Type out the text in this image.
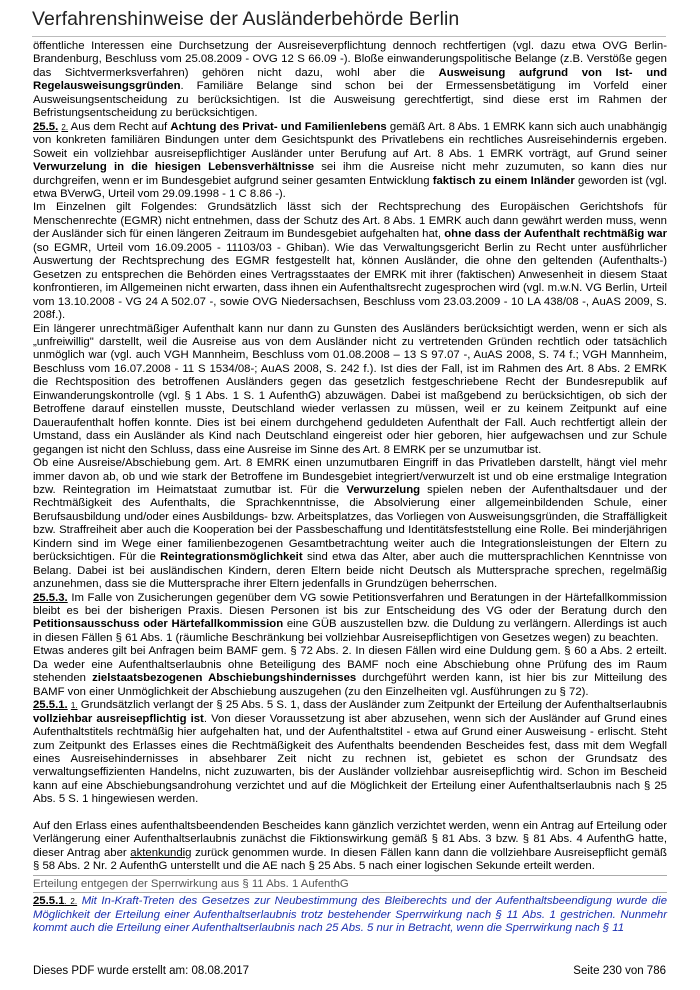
Verfahrenshinweise der Ausländerbehörde Berlin

öffentliche Interessen eine Durchsetzung der Ausreiseverpflichtung dennoch rechtfertigen (vgl. dazu etwa OVG Berlin-Brandenburg, Beschluss vom 25.08.2009 - OVG 12 S 66.09 -). Bloße einwanderungspolitische Belange (z.B. Verstöße gegen das Sichtvermerksverfahren) gehören nicht dazu, wohl aber die Ausweisung aufgrund von Ist- und Regelausweisungsgründen. Familiäre Belange sind schon bei der Ermessensbetätigung im Vorfeld einer Ausweisungsentscheidung zu berücksichtigen. Ist die Ausweisung gerechtfertigt, sind diese erst im Rahmen der Befristungsentscheidung zu berücksichtigen.

25.5. 2. Aus dem Recht auf Achtung des Privat- und Familienlebens gemäß Art. 8 Abs. 1 EMRK kann sich auch unabhängig von konkreten familiären Bindungen unter dem Gesichtspunkt des Privatlebens ein rechtliches Ausreisehindernis ergeben. Soweit ein vollziehbar ausreisepflichtiger Ausländer unter Berufung auf Art. 8 Abs. 1 EMRK vorträgt, auf Grund seiner Verwurzelung in die hiesigen Lebensverhältnisse sei ihm die Ausreise nicht mehr zuzumuten, so kann dies nur durchgreifen, wenn er im Bundesgebiet aufgrund seiner gesamten Entwicklung faktisch zu einem Inländer geworden ist (vgl. etwa BVerwG, Urteil vom 29.09.1998 - 1 C 8.86 -).

Im Einzelnen gilt Folgendes: Grundsätzlich lässt sich der Rechtsprechung des Europäischen Gerichtshofs für Menschenrechte (EGMR) nicht entnehmen, dass der Schutz des Art. 8 Abs. 1 EMRK auch dann gewährt werden muss, wenn der Ausländer sich für einen längeren Zeitraum im Bundesgebiet aufgehalten hat, ohne dass der Aufenthalt rechtmäßig war (so EGMR, Urteil vom 16.09.2005 - 11103/03 - Ghiban). Wie das Verwaltungsgericht Berlin zu Recht unter ausführlicher Auswertung der Rechtsprechung des EGMR festgestellt hat, können Ausländer, die ohne den geltenden (Aufenthalts-) Gesetzen zu entsprechen die Behörden eines Vertragsstaates der EMRK mit ihrer (faktischen) Anwesenheit in diesem Staat konfrontieren, im Allgemeinen nicht erwarten, dass ihnen ein Aufenthaltsrecht zugesprochen wird (vgl. m.w.N. VG Berlin, Urteil vom 13.10.2008 - VG 24 A 502.07 -, sowie OVG Niedersachsen, Beschluss vom 23.03.2009 - 10 LA 438/08 -, AuAS 2009, S. 208f.).

Ein längerer unrechtmäßiger Aufenthalt kann nur dann zu Gunsten des Ausländers berücksichtigt werden, wenn er sich als „unfreiwillig" darstellt, weil die Ausreise aus von dem Ausländer nicht zu vertretenden Gründen rechtlich oder tatsächlich unmöglich war (vgl. auch VGH Mannheim, Beschluss vom 01.08.2008 – 13 S 97.07 -, AuAS 2008, S. 74 f.; VGH Mannheim, Beschluss vom 16.07.2008 - 11 S 1534/08-; AuAS 2008, S. 242 f.). Ist dies der Fall, ist im Rahmen des Art. 8 Abs. 2 EMRK die Rechtsposition des betroffenen Ausländers gegen das gesetzlich festgeschriebene Recht der Bundesrepublik auf Einwanderungskontrolle (vgl. § 1 Abs. 1 S. 1 AufenthG) abzuwägen. Dabei ist maßgebend zu berücksichtigen, ob sich der Betroffene darauf einstellen musste, Deutschland wieder verlassen zu müssen, weil er zu keinem Zeitpunkt auf eine Daueraufenthalt hoffen konnte. Dies ist bei einem durchgehend geduldeten Aufenthalt der Fall. Auch rechtfertigt allein der Umstand, dass ein Ausländer als Kind nach Deutschland eingereist oder hier geboren, hier aufgewachsen und zur Schule gegangen ist nicht den Schluss, dass eine Ausreise im Sinne des Art. 8 EMRK per se unzumutbar ist.

Ob eine Ausreise/Abschiebung gem. Art. 8 EMRK einen unzumutbaren Eingriff in das Privatleben darstellt, hängt viel mehr immer davon ab, ob und wie stark der Betroffene im Bundesgebiet integriert/verwurzelt ist und ob eine erstmalige Integration bzw. Reintegration im Heimatstaat zumutbar ist. Für die Verwurzelung spielen neben der Aufenthaltsdauer und der Rechtmäßigkeit des Aufenthalts, die Sprachkenntnisse, die Absolvierung einer allgemeinbildenden Schule, einer Berufsausbildung und/oder eines Ausbildungs- bzw. Arbeitsplatzes, das Vorliegen von Ausweisungsgründen, die Straffälligkeit bzw. Straffreiheit aber auch die Kooperation bei der Passbeschaffung und Identitätsfeststellung eine Rolle. Bei minderjährigen Kindern sind im Wege einer familienbezogenen Gesamtbetrachtung weiter auch die Integrationsleistungen der Eltern zu berücksichtigen. Für die Reintegrationsmöglichkeit sind etwa das Alter, aber auch die muttersprachlichen Kenntnisse von Belang. Dabei ist bei ausländischen Kindern, deren Eltern beide nicht Deutsch als Muttersprache sprechen, regelmäßig anzunehmen, dass sie die Muttersprache ihrer Eltern jedenfalls in Grundzügen beherrschen.

25.5.3. Im Falle von Zusicherungen gegenüber dem VG sowie Petitionsverfahren und Beratungen in der Härtefallkommission bleibt es bei der bisherigen Praxis. Diesen Personen ist bis zur Entscheidung des VG oder der Beratung durch den Petitionsausschuss oder Härtefallkommission eine GÜB auszustellen bzw. die Duldung zu verlängern. Allerdings ist auch in diesen Fällen § 61 Abs. 1 (räumliche Beschränkung bei vollziehbar Ausreisepflichtigen von Gesetzes wegen) zu beachten.

Etwas anderes gilt bei Anfragen beim BAMF gem. § 72 Abs. 2. In diesen Fällen wird eine Duldung gem. § 60 a Abs. 2 erteilt. Da weder eine Aufenthaltserlaubnis ohne Beteiligung des BAMF noch eine Abschiebung ohne Prüfung des im Raum stehenden zielstaatsbezogenen Abschiebungshindernisses durchgeführt werden kann, ist hier bis zur Mitteilung des BAMF von einer Unmöglichkeit der Abschiebung auszugehen (zu den Einzelheiten vgl. Ausführungen zu § 72).

25.5.1. 1. Grundsätzlich verlangt der § 25 Abs. 5 S. 1, dass der Ausländer zum Zeitpunkt der Erteilung der Aufenthaltserlaubnis vollziehbar ausreisepflichtig ist. Von dieser Voraussetzung ist aber abzusehen, wenn sich der Ausländer auf Grund eines Aufenthaltstitels rechtmäßig hier aufgehalten hat, und der Aufenthaltstitel - etwa auf Grund einer Ausweisung - erlischt. Steht zum Zeitpunkt des Erlasses eines die Rechtmäßigkeit des Aufenthalts beendenden Bescheides fest, dass mit dem Wegfall eines Ausreisehindernisses in absehbarer Zeit nicht zu rechnen ist, gebietet es schon der Grundsatz des verwaltungseffizienten Handelns, nicht zuzuwarten, bis der Ausländer vollziehbar ausreisepflichtig wird. Schon im Bescheid kann auf eine Abschiebungsandrohung verzichtet und auf die Möglichkeit der Erteilung einer Aufenthaltserlaubnis nach § 25 Abs. 5 S. 1 hingewiesen werden.

Auf den Erlass eines aufenthaltsbeendenden Bescheides kann gänzlich verzichtet werden, wenn ein Antrag auf Erteilung oder Verlängerung einer Aufenthaltserlaubnis zunächst die Fiktionswirkung gemäß § 81 Abs. 3 bzw. § 81 Abs. 4 AufenthG hatte, dieser Antrag aber aktenkundig zurück genommen wurde. In diesen Fällen kann dann die vollziehbare Ausreisepflicht gemäß § 58 Abs. 2 Nr. 2 AufenthG unterstellt und die AE nach § 25 Abs. 5 nach einer logischen Sekunde erteilt werden.

Erteilung entgegen der Sperrwirkung aus § 11 Abs. 1 AufenthG

25.5.1. 2. Mit In-Kraft-Treten des Gesetzes zur Neubestimmung des Bleiberechts und der Aufenthaltsbeendigung wurde die Möglichkeit der Erteilung einer Aufenthaltserlaubnis trotz bestehender Sperrwirkung nach § 11 Abs. 1 gestrichen. Nunmehr kommt auch die Erteilung einer Aufenthaltserlaubnis nach 25 Abs. 5 nur in Betracht, wenn die Sperrwirkung nach § 11

Dieses PDF wurde erstellt am: 08.08.2017	Seite 230 von 786
